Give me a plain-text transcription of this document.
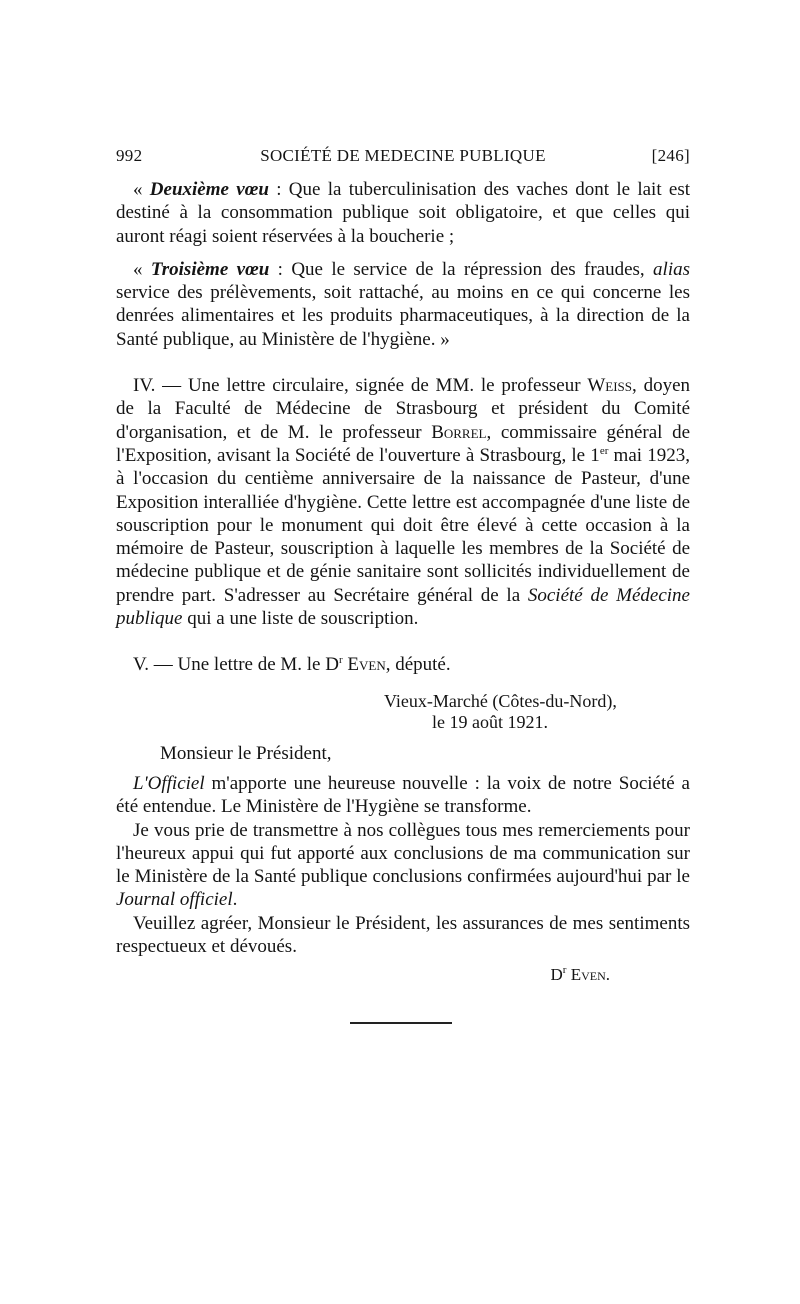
992	SOCIÉTÉ DE MEDECINE PUBLIQUE	[246]

« Deuxième vœu : Que la tuberculinisation des vaches dont le lait est destiné à la consommation publique soit obligatoire, et que celles qui auront réagi soient réservées à la boucherie ;

« Troisième vœu : Que le service de la répression des fraudes, alias service des prélèvements, soit rattaché, au moins en ce qui concerne les denrées alimentaires et les produits pharmaceutiques, à la direction de la Santé publique, au Ministère de l'hygiène. »

IV. — Une lettre circulaire, signée de MM. le professeur Weiss, doyen de la Faculté de Médecine de Strasbourg et président du Comité d'organisation, et de M. le professeur Borrel, commissaire général de l'Exposition, avisant la Société de l'ouverture à Strasbourg, le 1er mai 1923, à l'occasion du centième anniversaire de la naissance de Pasteur, d'une Exposition interalliée d'hygiène. Cette lettre est accompagnée d'une liste de souscription pour le monument qui doit être élevé à cette occasion à la mémoire de Pasteur, souscription à laquelle les membres de la Société de médecine publique et de génie sanitaire sont sollicités individuellement de prendre part. S'adresser au Secrétaire général de la Société de Médecine publique qui a une liste de souscription.

V. — Une lettre de M. le $D^r$ Even, député.

Vieux-Marché (Côtes-du-Nord),
le 19 août 1921.

Monsieur le Président,

L'Officiel m'apporte une heureuse nouvelle : la voix de notre Société a été entendue. Le Ministère de l'Hygiène se transforme.

Je vous prie de transmettre à nos collègues tous mes remerciements pour l'heureux appui qui fut apporté aux conclusions de ma communication sur le Ministère de la Santé publique conclusions confirmées aujourd'hui par le Journal officiel.

Veuillez agréer, Monsieur le Président, les assurances de mes sentiments respectueux et dévoués.

$D^r$ Even.
